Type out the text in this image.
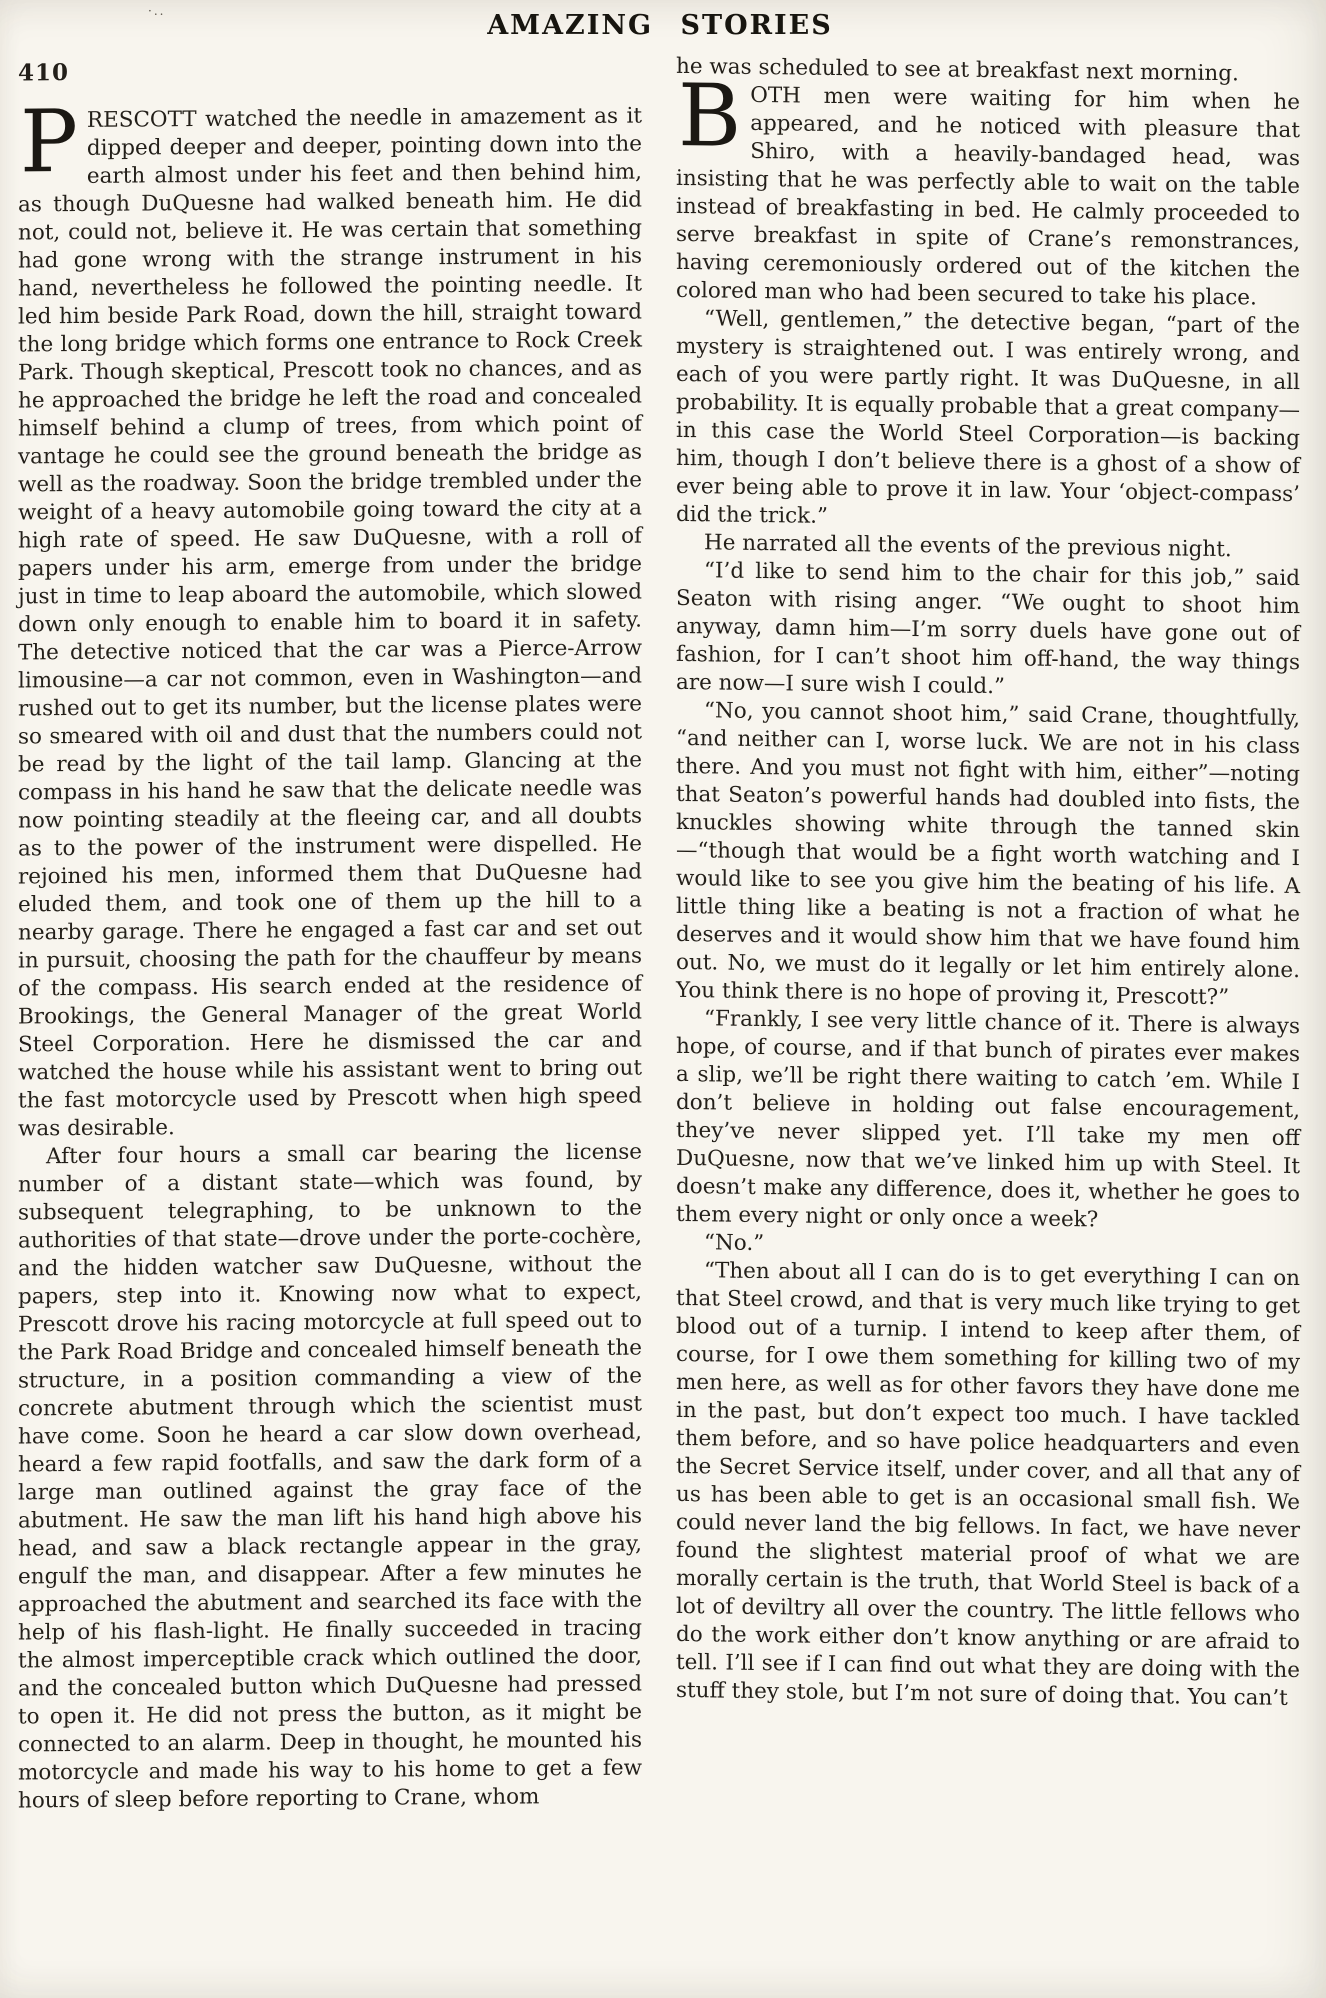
·..	AMAZING STORIES
410

PRESCOTT watched the needle in amazement as it dipped deeper and deeper, pointing down into the earth almost under his feet and then behind him, as though DuQuesne had walked beneath him. He did not, could not, believe it. He was certain that something had gone wrong with the strange instrument in his hand, nevertheless he followed the pointing needle. It led him beside Park Road, down the hill, straight toward the long bridge which forms one entrance to Rock Creek Park. Though skeptical, Prescott took no chances, and as he approached the bridge he left the road and concealed himself behind a clump of trees, from which point of vantage he could see the ground beneath the bridge as well as the roadway. Soon the bridge trembled under the weight of a heavy automobile going toward the city at a high rate of speed. He saw DuQuesne, with a roll of papers under his arm, emerge from under the bridge just in time to leap aboard the automobile, which slowed down only enough to enable him to board it in safety. The detective noticed that the car was a Pierce-Arrow limousine—a car not common, even in Washington—and rushed out to get its number, but the license plates were so smeared with oil and dust that the numbers could not be read by the light of the tail lamp. Glancing at the compass in his hand he saw that the delicate needle was now pointing steadily at the fleeing car, and all doubts as to the power of the instrument were dispelled. He rejoined his men, informed them that DuQuesne had eluded them, and took one of them up the hill to a nearby garage. There he engaged a fast car and set out in pursuit, choosing the path for the chauffeur by means of the compass. His search ended at the residence of Brookings, the General Manager of the great World Steel Corporation. Here he dismissed the car and watched the house while his assistant went to bring out the fast motorcycle used by Prescott when high speed was desirable.

After four hours a small car bearing the license number of a distant state—which was found, by subsequent telegraphing, to be unknown to the authorities of that state—drove under the porte-cochère, and the hidden watcher saw DuQuesne, without the papers, step into it. Knowing now what to expect, Prescott drove his racing motorcycle at full speed out to the Park Road Bridge and concealed himself beneath the structure, in a position commanding a view of the concrete abutment through which the scientist must have come. Soon he heard a car slow down overhead, heard a few rapid footfalls, and saw the dark form of a large man outlined against the gray face of the abutment. He saw the man lift his hand high above his head, and saw a black rectangle appear in the gray, engulf the man, and disappear. After a few minutes he approached the abutment and searched its face with the help of his flash-light. He finally succeeded in tracing the almost imperceptible crack which outlined the door, and the concealed button which DuQuesne had pressed to open it. He did not press the button, as it might be connected to an alarm. Deep in thought, he mounted his motorcycle and made his way to his home to get a few hours of sleep before reporting to Crane, whom

he was scheduled to see at breakfast next morning.

BOTH men were waiting for him when he appeared, and he noticed with pleasure that Shiro, with a heavily-bandaged head, was insisting that he was perfectly able to wait on the table instead of breakfasting in bed. He calmly proceeded to serve breakfast in spite of Crane’s remonstrances, having ceremoniously ordered out of the kitchen the colored man who had been secured to take his place.

“Well, gentlemen,” the detective began, “part of the mystery is straightened out. I was entirely wrong, and each of you were partly right. It was DuQuesne, in all probability. It is equally probable that a great company—in this case the World Steel Corporation—is backing him, though I don’t believe there is a ghost of a show of ever being able to prove it in law. Your ‘object-compass’ did the trick.”

He narrated all the events of the previous night.

“I’d like to send him to the chair for this job,” said Seaton with rising anger. “We ought to shoot him anyway, damn him—I’m sorry duels have gone out of fashion, for I can’t shoot him off-hand, the way things are now—I sure wish I could.”

“No, you cannot shoot him,” said Crane, thoughtfully, “and neither can I, worse luck. We are not in his class there. And you must not fight with him, either”—noting that Seaton’s powerful hands had doubled into fists, the knuckles showing white through the tanned skin—“though that would be a fight worth watching and I would like to see you give him the beating of his life. A little thing like a beating is not a fraction of what he deserves and it would show him that we have found him out. No, we must do it legally or let him entirely alone. You think there is no hope of proving it, Prescott?”

“Frankly, I see very little chance of it. There is always hope, of course, and if that bunch of pirates ever makes a slip, we’ll be right there waiting to catch ’em. While I don’t believe in holding out false encouragement, they’ve never slipped yet. I’ll take my men off DuQuesne, now that we’ve linked him up with Steel. It doesn’t make any difference, does it, whether he goes to them every night or only once a week?

“No.”

“Then about all I can do is to get everything I can on that Steel crowd, and that is very much like trying to get blood out of a turnip. I intend to keep after them, of course, for I owe them something for killing two of my men here, as well as for other favors they have done me in the past, but don’t expect too much. I have tackled them before, and so have police headquarters and even the Secret Service itself, under cover, and all that any of us has been able to get is an occasional small fish. We could never land the big fellows. In fact, we have never found the slightest material proof of what we are morally certain is the truth, that World Steel is back of a lot of deviltry all over the country. The little fellows who do the work either don’t know anything or are afraid to tell. I’ll see if I can find out what they are doing with the stuff they stole, but I’m not sure of doing that. You can’t
